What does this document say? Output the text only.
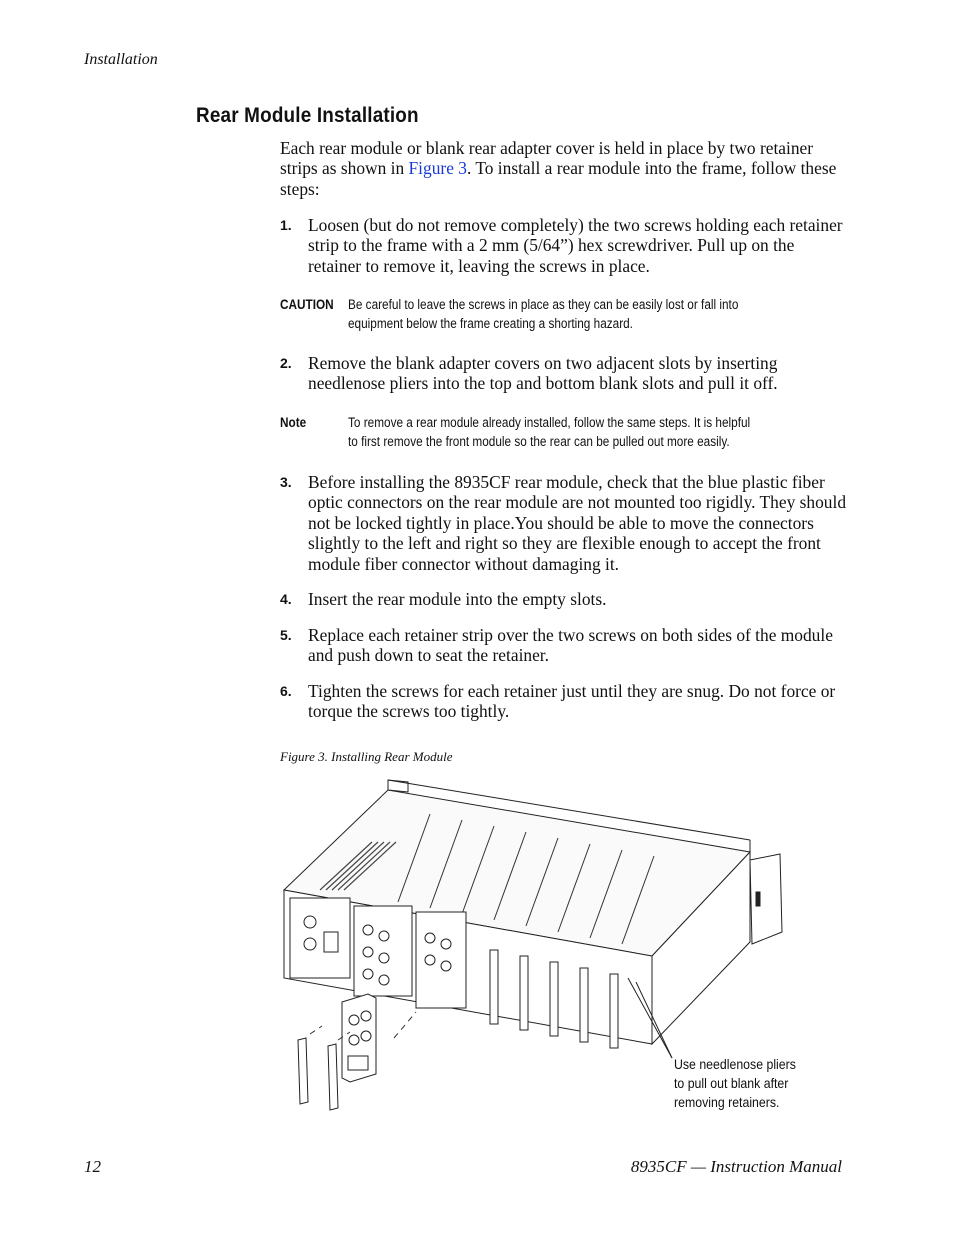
Installation
Rear Module Installation
Each rear module or blank rear adapter cover is held in place by two retainer strips as shown in Figure 3. To install a rear module into the frame, follow these steps:
1. Loosen (but do not remove completely) the two screws holding each retainer strip to the frame with a 2 mm (5/64”) hex screwdriver. Pull up on the retainer to remove it, leaving the screws in place.
CAUTION Be careful to leave the screws in place as they can be easily lost or fall into
equipment below the frame creating a shorting hazard.
2. Remove the blank adapter covers on two adjacent slots by inserting needlenose pliers into the top and bottom blank slots and pull it off.
Note	To remove a rear module already installed, follow the same steps. It is helpful
to first remove the front module so the rear can be pulled out more easily.
3. Before installing the 8935CF rear module, check that the blue plastic fiber optic connectors on the rear module are not mounted too rigidly. They should not be locked tightly in place.You should be able to move the connectors slightly to the left and right so they are flexible enough to accept the front module fiber connector without damaging it.
4. Insert the rear module into the empty slots.
5. Replace each retainer strip over the two screws on both sides of the module and push down to seat the retainer.
6. Tighten the screws for each retainer just until they are snug. Do not force or torque the screws too tightly.
Figure 3. Installing Rear Module
Use needlenose pliers
to pull out blank after
removing retainers.
12	8935CF — Instruction Manual
